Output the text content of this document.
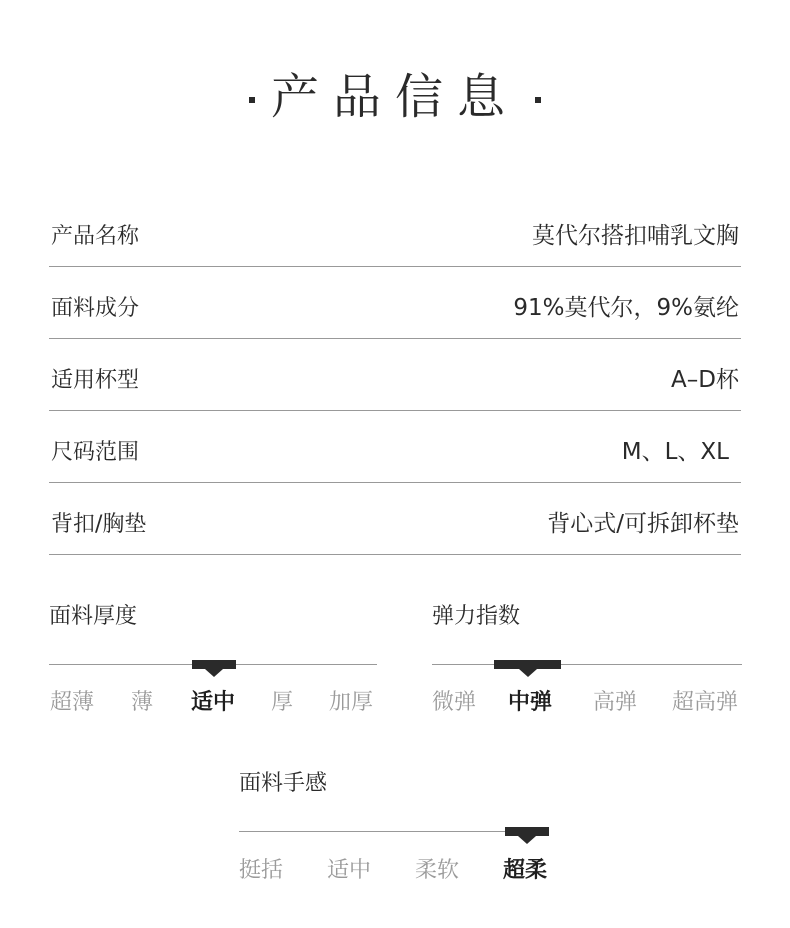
产品信息
产品名称	莫代尔搭扣哺乳文胸
面料成分	91%莫代尔，9%氨纶
适用杯型	A–D杯
尺码范围	M、L、XL
背扣/胸垫	背心式/可拆卸杯垫
面料厚度
超薄 薄 适中 厚 加厚
弹力指数
微弹 中弹 高弹 超高弹
面料手感
挺括 适中 柔软 超柔
